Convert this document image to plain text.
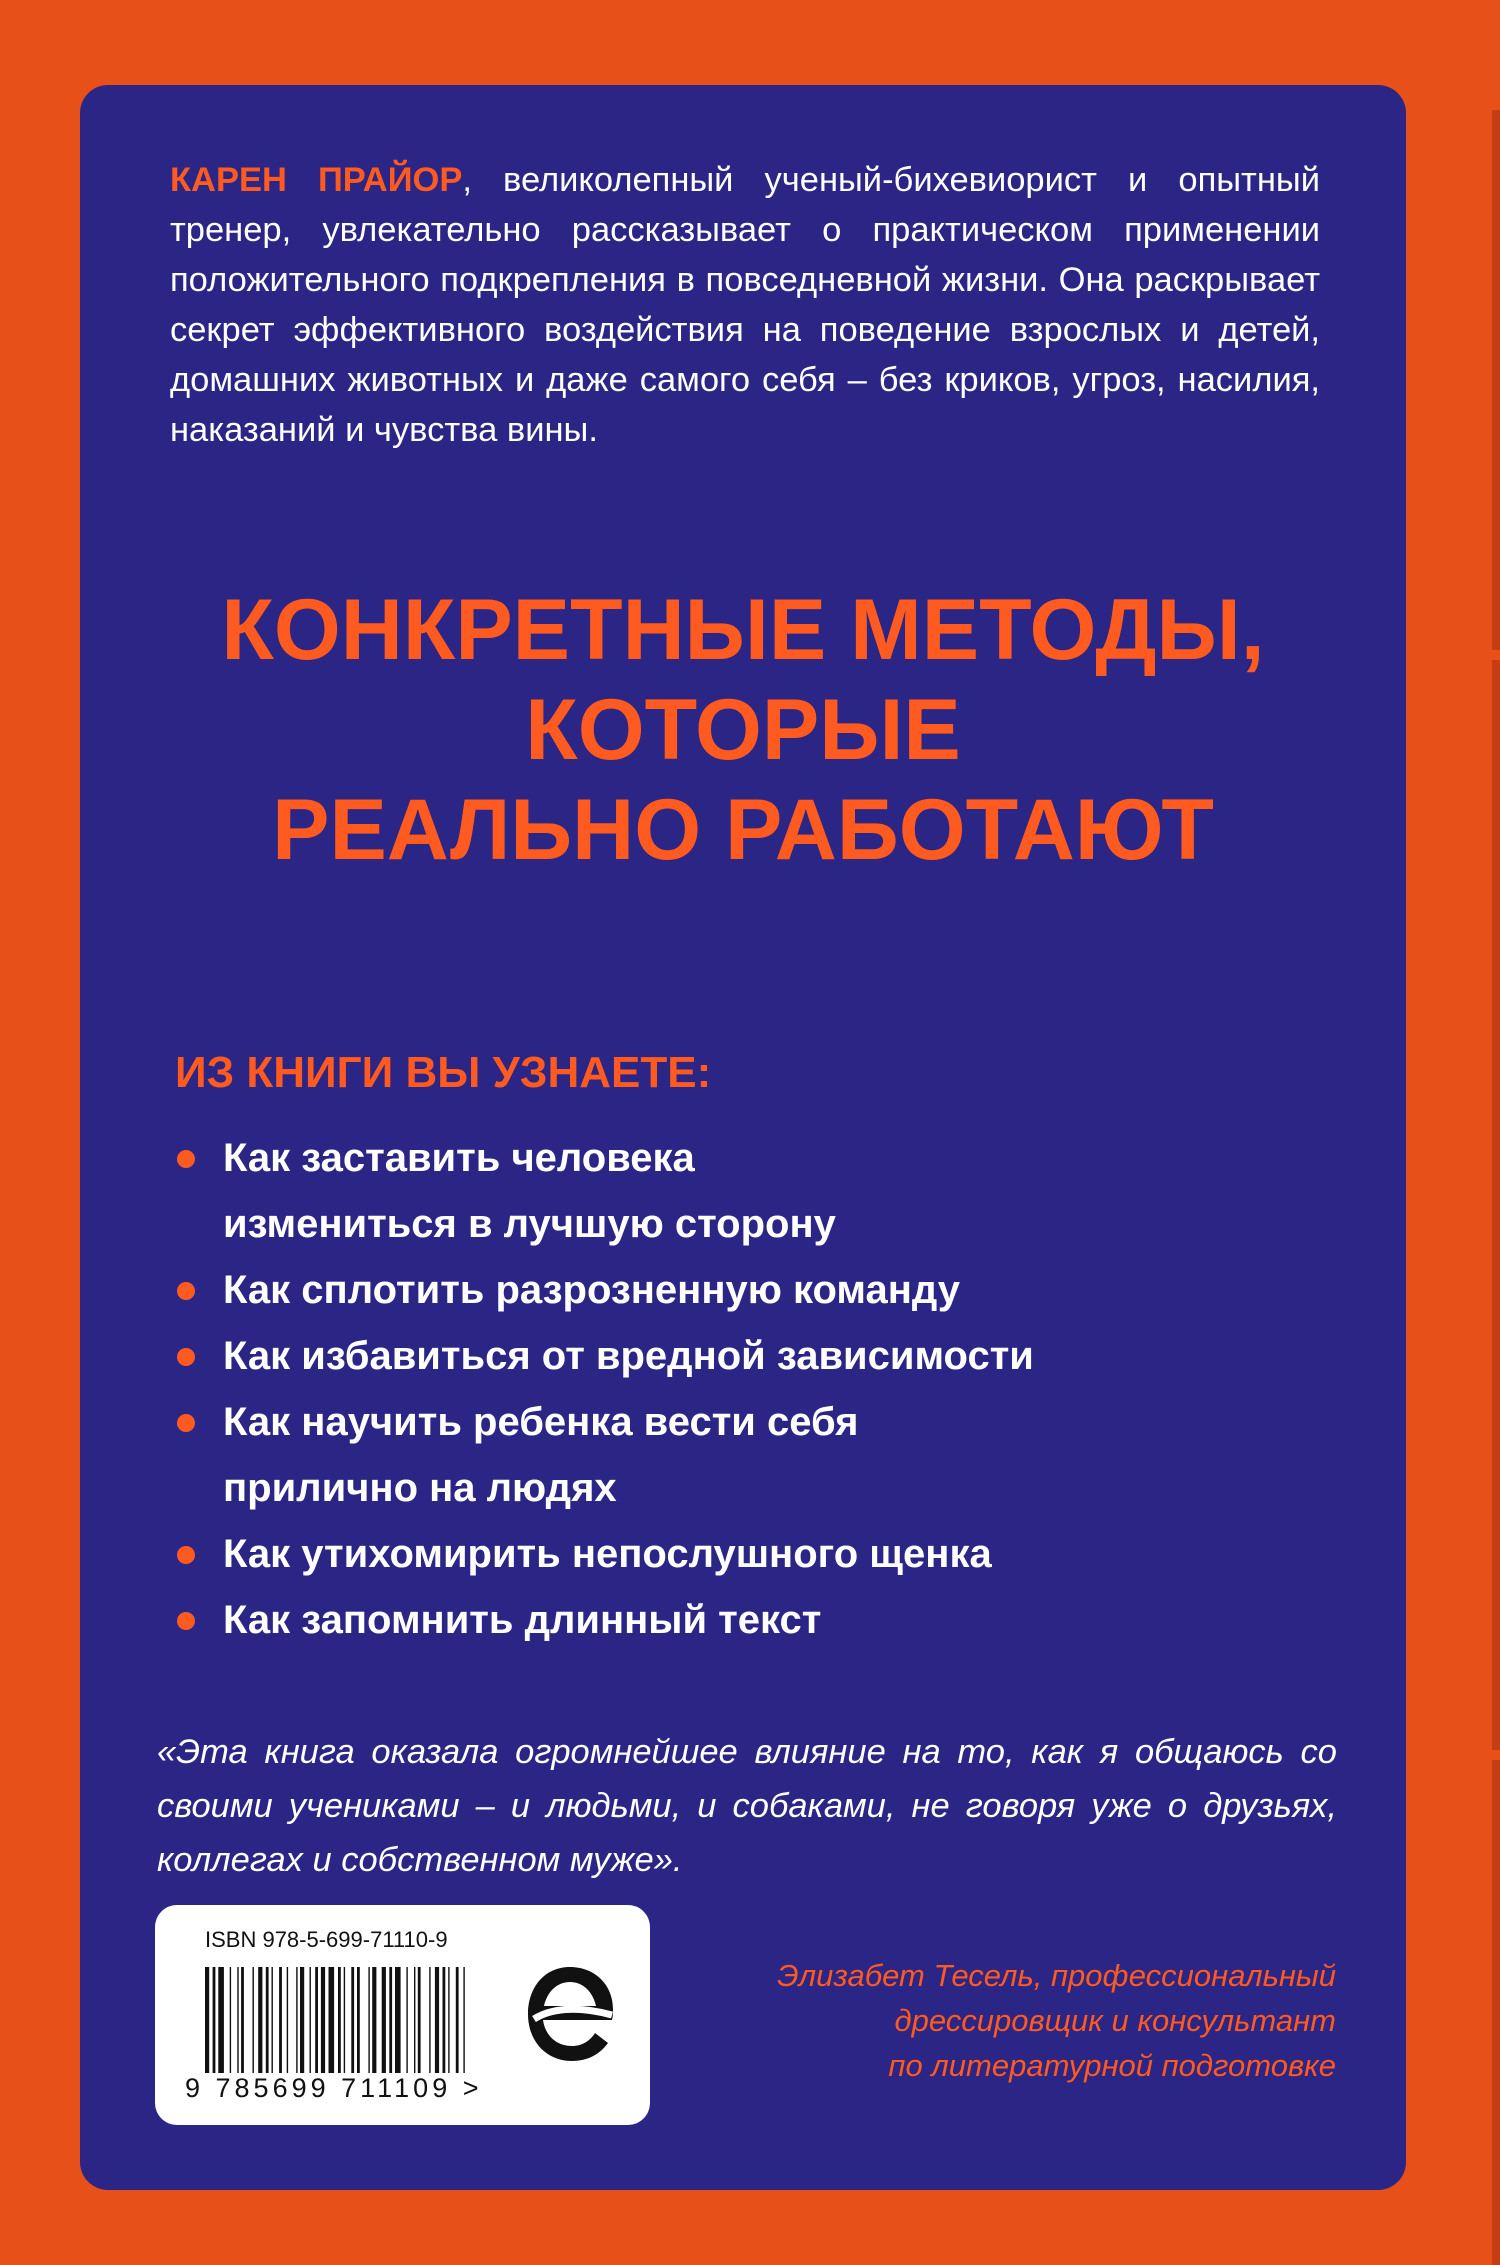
КАРЕН ПРАЙОР, великолепный ученый-бихевиорист и опытный тренер, увлекательно рассказывает о практическом применении положительного подкрепления в повседневной жизни. Она раскрывает секрет эффективного воздействия на поведение взрослых и детей, домашних животных и даже самого себя – без криков, угроз, насилия, наказаний и чувства вины.

КОНКРЕТНЫЕ МЕТОДЫ,
КОТОРЫЕ
РЕАЛЬНО РАБОТАЮТ
ИЗ КНИГИ ВЫ УЗНАЕТЕ:
Как заставить человека
измениться в лучшую сторону
Как сплотить разрозненную команду
Как избавиться от вредной зависимости
Как научить ребенка вести себя
прилично на людях
Как утихомирить непослушного щенка
Как запомнить длинный текст

«Эта книга оказала огромнейшее влияние на то, как я общаюсь со своими учениками – и людьми, и собаками, не говоря уже о друзьях, коллегах и собственном муже».

Элизабет Тесель, профессиональный
дрессировщик и консультант
по литературной подготовке

ISBN 978-5-699-71110-9

9 785699 711109 >
